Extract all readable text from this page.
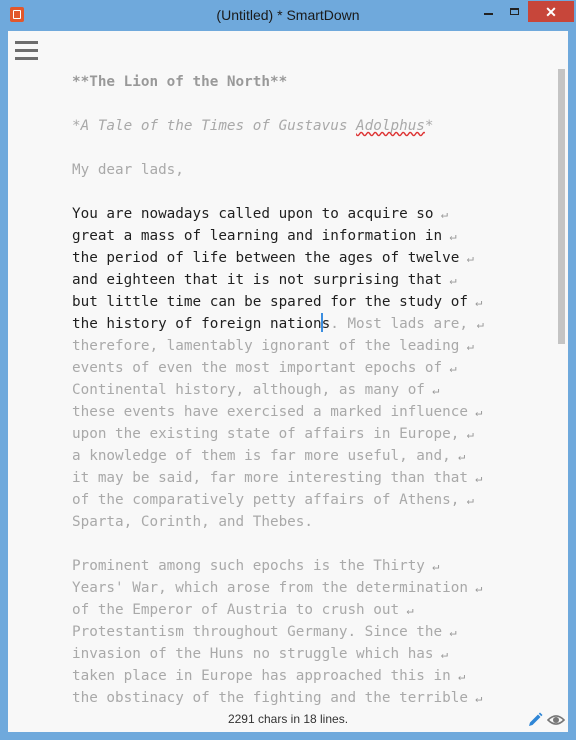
(Untitled) * SmartDown	✕
**The Lion of the North**
*A Tale of the Times of Gustavus Adolphus*
My dear lads,
You are nowadays called upon to acquire so ↵
great a mass of learning and information in ↵
the period of life between the ages of twelve ↵
and eighteen that it is not surprising that ↵
but little time can be spared for the study of ↵
the history of foreign nations. Most lads are, ↵
therefore, lamentably ignorant of the leading ↵
events of even the most important epochs of ↵
Continental history, although, as many of ↵
these events have exercised a marked influence ↵
upon the existing state of affairs in Europe, ↵
a knowledge of them is far more useful, and, ↵
it may be said, far more interesting than that ↵
of the comparatively petty affairs of Athens, ↵
Sparta, Corinth, and Thebes.
Prominent among such epochs is the Thirty ↵
Years' War, which arose from the determination ↵
of the Emperor of Austria to crush out ↵
Protestantism throughout Germany. Since the ↵
invasion of the Huns no struggle which has ↵
taken place in Europe has approached this in ↵
the obstinacy of the fighting and the terrible ↵
2291 chars in 18 lines.
